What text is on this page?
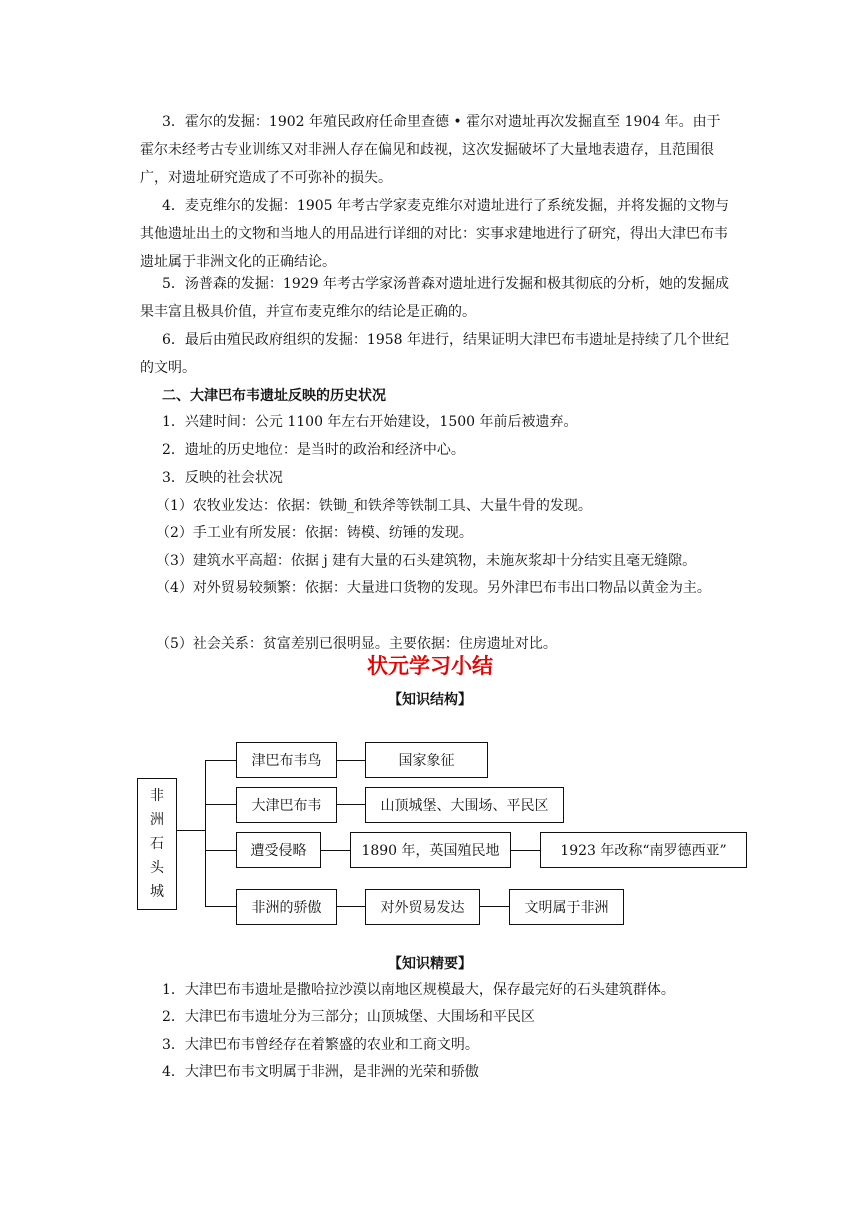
3．霍尔的发掘：1902 年殖民政府任命里查德 • 霍尔对遗址再次发掘直至 1904 年。由于霍尔未经考古专业训练又对非洲人存在偏见和歧视，这次发掘破坏了大量地表遗存，且范围很广，对遗址研究造成了不可弥补的损失。

4．麦克维尔的发掘：1905 年考古学家麦克维尔对遗址进行了系统发掘，并将发掘的文物与其他遗址出土的文物和当地人的用品进行详细的对比：实事求建地进行了研究，得出大津巴布韦遗址属于非洲文化的正确结论。

5．汤普森的发掘：1929 年考古学家汤普森对遗址进行发掘和极其彻底的分析，她的发掘成果丰富且极具价值，并宣布麦克维尔的结论是正确的。

6．最后由殖民政府组织的发掘：1958 年进行，结果证明大津巴布韦遗址是持续了几个世纪的文明。

二、大津巴布韦遗址反映的历史状况
1．兴建时间：公元 1100 年左右开始建设，1500 年前后被遗弃。
2．遗址的历史地位：是当时的政治和经济中心。
3．反映的社会状况
（1）农牧业发达：依据：铁锄_和铁斧等铁制工具、大量牛骨的发现。
（2）手工业有所发展：依据：铸模、纺锤的发现。
（3）建筑水平高超：依据 j 建有大量的石头建筑物，未施灰浆却十分结实且毫无缝隙。

（4）对外贸易较频繁：依据：大量进口货物的发现。另外津巴布韦出口物品以黄金为主。

（5）社会关系：贫富差别已很明显。主要依据：住房遗址对比。
状元学习小结
【知识结构】
非
洲
石
头
城
津巴布韦鸟	国家象征
大津巴布韦	山顶城堡、大围场、平民区
遭受侵略	1890 年，英国殖民地	1923 年改称“南罗德西亚”
非洲的骄傲	对外贸易发达	文明属于非洲
【知识精要】
1．大津巴布韦遗址是撒哈拉沙漠以南地区规模最大，保存最完好的石头建筑群体。
2．大津巴布韦遗址分为三部分；山顶城堡、大围场和平民区
3．大津巴布韦曾经存在着繁盛的农业和工商文明。
4．大津巴布韦文明属于非洲，是非洲的光荣和骄傲
